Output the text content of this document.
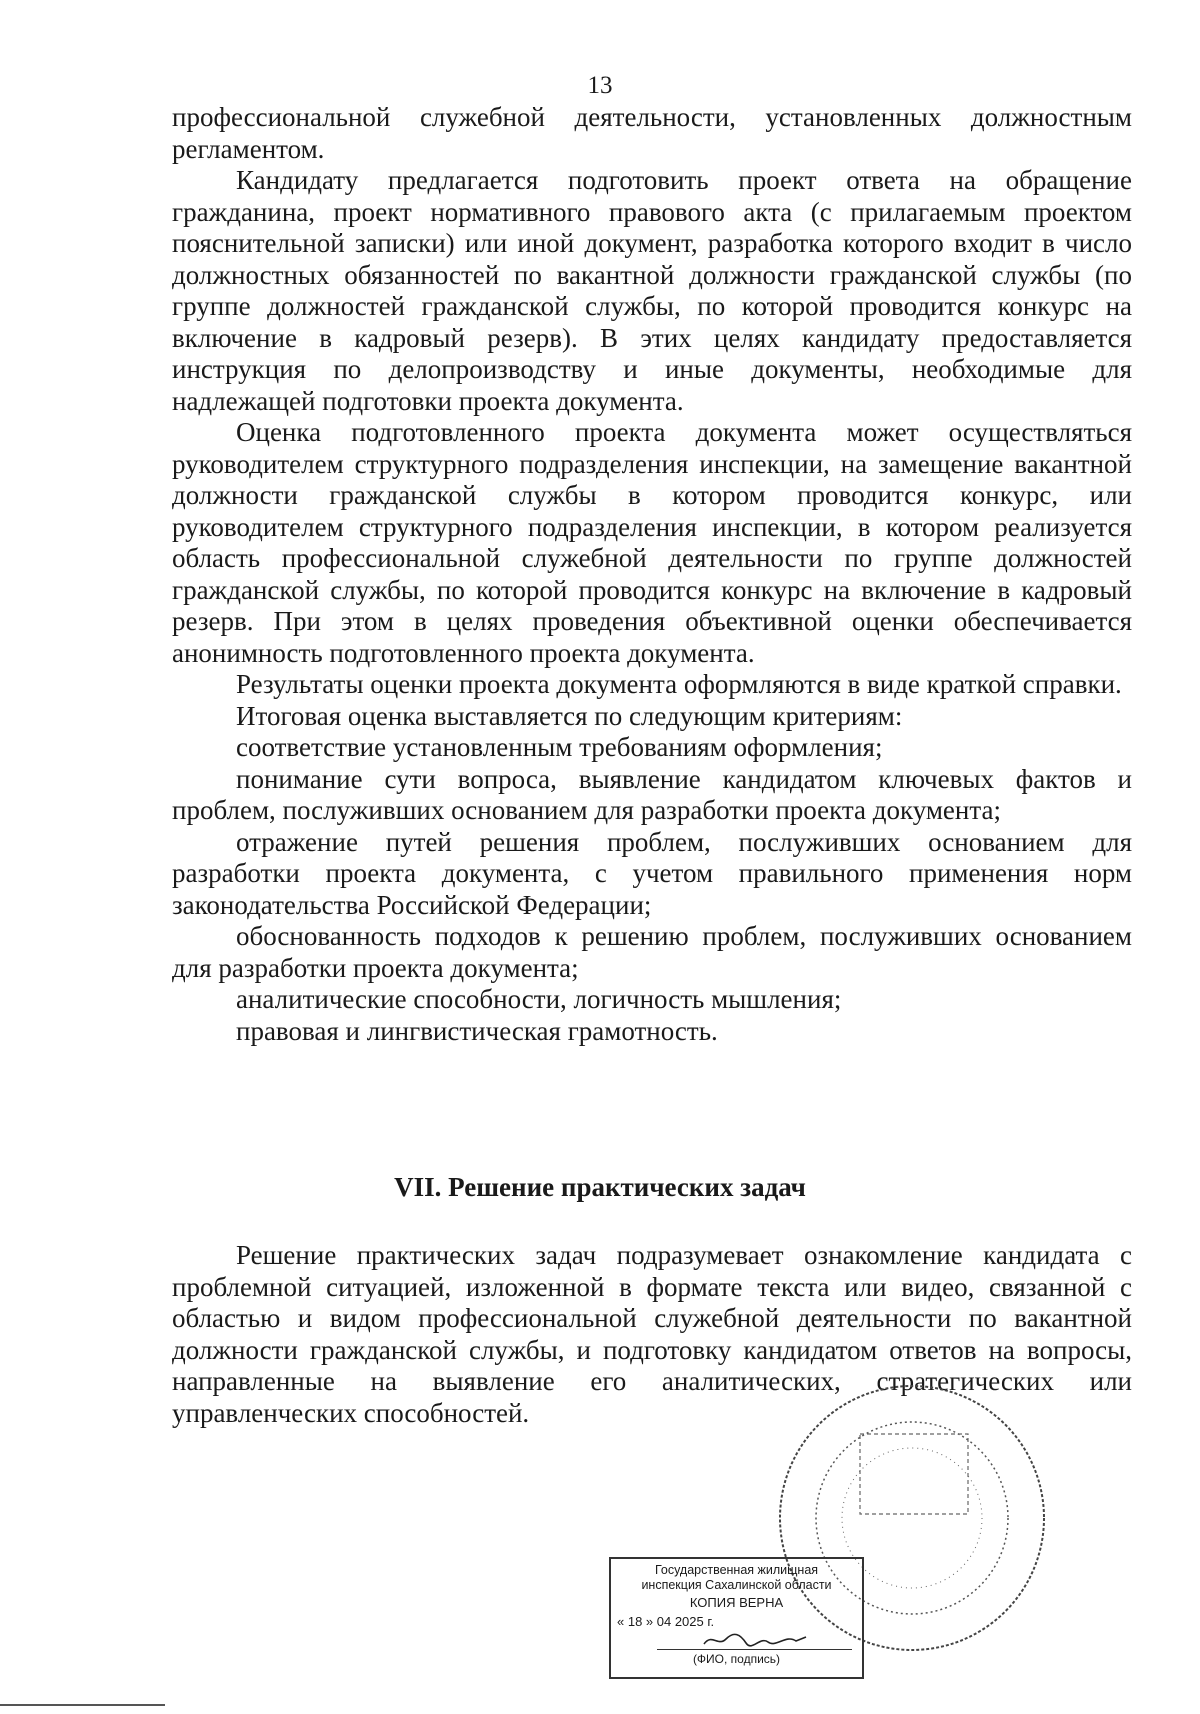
13

профессиональной служебной деятельности, установленных должностным регламентом.

Кандидату предлагается подготовить проект ответа на обращение гражданина, проект нормативного правового акта (с прилагаемым проектом пояснительной записки) или иной документ, разработка которого входит в число должностных обязанностей по вакантной должности гражданской службы (по группе должностей гражданской службы, по которой проводится конкурс на включение в кадровый резерв). В этих целях кандидату предоставляется инструкция по делопроизводству и иные документы, необходимые для надлежащей подготовки проекта документа.

Оценка подготовленного проекта документа может осуществляться руководителем структурного подразделения инспекции, на замещение вакантной должности гражданской службы в котором проводится конкурс, или руководителем структурного подразделения инспекции, в котором реализуется область профессиональной служебной деятельности по группе должностей гражданской службы, по которой проводится конкурс на включение в кадровый резерв. При этом в целях проведения объективной оценки обеспечивается анонимность подготовленного проекта документа.

Результаты оценки проекта документа оформляются в виде краткой справки.

Итоговая оценка выставляется по следующим критериям:

соответствие установленным требованиям оформления;

понимание сути вопроса, выявление кандидатом ключевых фактов и проблем, послуживших основанием для разработки проекта документа;

отражение путей решения проблем, послуживших основанием для разработки проекта документа, с учетом правильного применения норм законодательства Российской Федерации;

обоснованность подходов к решению проблем, послуживших основанием для разработки проекта документа;

аналитические способности, логичность мышления;

правовая и лингвистическая грамотность.

VII. Решение практических задач

Решение практических задач подразумевает ознакомление кандидата с проблемной ситуацией, изложенной в формате текста или видео, связанной с областью и видом профессиональной служебной деятельности по вакантной должности гражданской службы, и подготовку кандидатом ответов на вопросы, направленные на выявление его аналитических, стратегических или управленческих способностей.

Государственная жилищная
инспекция Сахалинской области
КОПИЯ ВЕРНА
« 18 » 04 2025 г.
(ФИО, подпись)
